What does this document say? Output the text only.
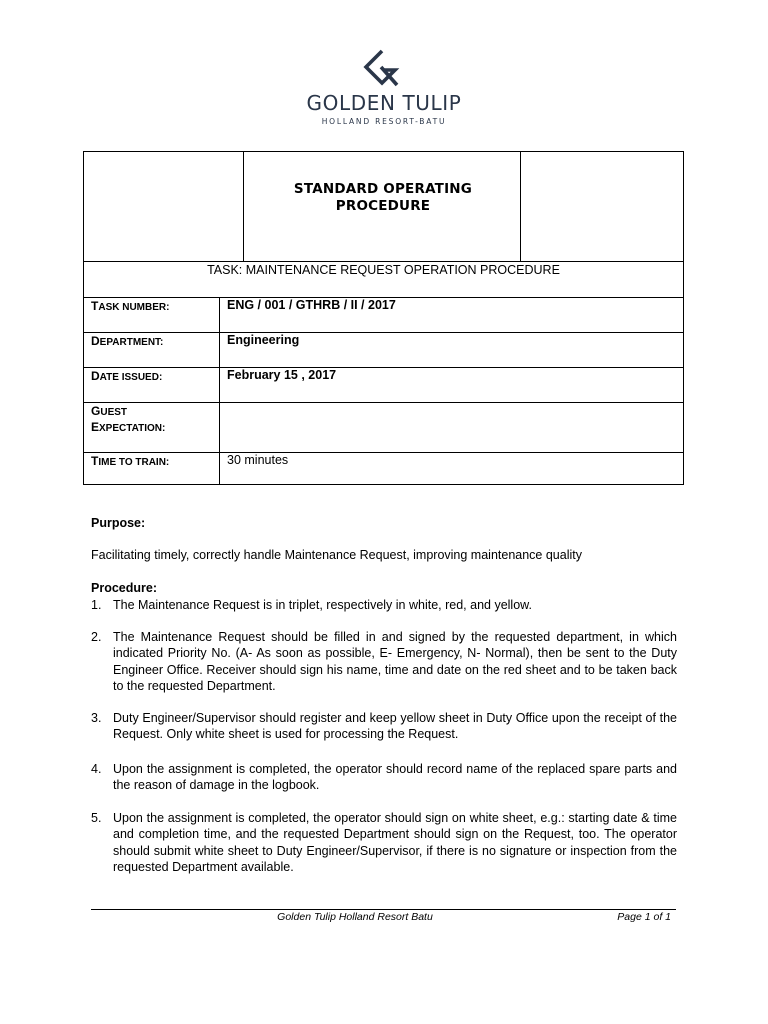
GOLDEN TULIP
HOLLAND RESORT-BATU
STANDARD OPERATING PROCEDURE
TASK: MAINTENANCE REQUEST OPERATION PROCEDURE
TASK NUMBER:	ENG / 001 / GTHRB / II / 2017
DEPARTMENT:	Engineering
DATE ISSUED:	February 15 , 2017
GUEST
EXPECTATION:
TIME TO TRAIN:	30 minutes
Purpose:
Facilitating timely, correctly handle Maintenance Request, improving maintenance quality
Procedure:
1. The Maintenance Request is in triplet, respectively in white, red, and yellow.
2. The Maintenance Request should be filled in and signed by the requested department, in which indicated Priority No. (A- As soon as possible, E- Emergency, N- Normal), then be sent to the Duty Engineer Office. Receiver should sign his name, time and date on the red sheet and to be taken back to the requested Department.
3. Duty Engineer/Supervisor should register and keep yellow sheet in Duty Office upon the receipt of the Request. Only white sheet is used for processing the Request.
4. Upon the assignment is completed, the operator should record name of the replaced spare parts and the reason of damage in the logbook.
5. Upon the assignment is completed, the operator should sign on white sheet, e.g.: starting date & time and completion time, and the requested Department should sign on the Request, too. The operator should submit white sheet to Duty Engineer/Supervisor, if there is no signature or inspection from the requested Department available.
Golden Tulip Holland Resort Batu	Page 1 of 1
